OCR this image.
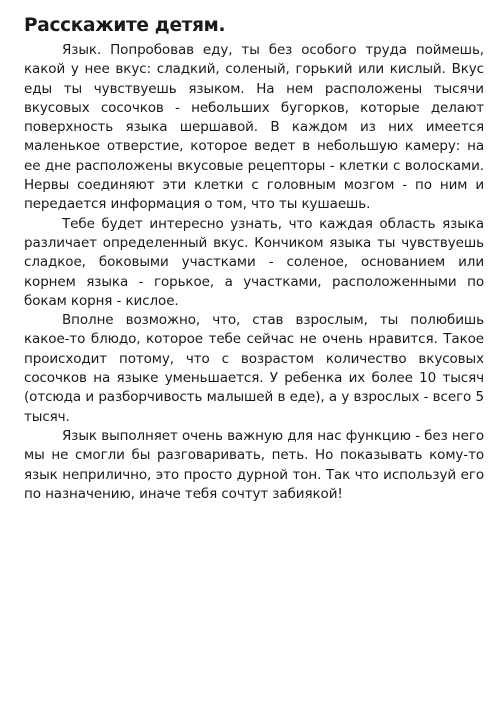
Расскажите детям.

Язык. Попробовав еду, ты без особого труда поймешь, какой у нее вкус: сладкий, соленый, горький или кислый. Вкус еды ты чувствуешь языком. На нем расположены тысячи вкусовых сосочков - небольших бугорков, которые делают поверхность языка шершавой. В каждом из них имеется маленькое отверстие, которое ведет в небольшую камеру: на ее дне расположены вкусовые рецепторы - клетки с волосками. Нервы соединяют эти клетки с головным мозгом - по ним и передается информация о том, что ты кушаешь.

Тебе будет интересно узнать, что каждая область языка различает определенный вкус. Кончиком языка ты чувствуешь сладкое, боковыми участками - соленое, основанием или корнем языка - горькое, а участками, расположенными по бокам корня - кислое.

Вполне возможно, что, став взрослым, ты полюбишь какое-то блюдо, которое тебе сейчас не очень нравится. Такое происходит потому, что с возрастом количество вкусовых сосочков на языке уменьшается. У ребенка их более 10 тысяч (отсюда и разборчивость малышей в еде), а у взрослых - всего 5 тысяч.

Язык выполняет очень важную для нас функцию - без него мы не смогли бы разговаривать, петь. Но показывать кому-то язык неприлично, это просто дурной тон. Так что используй его по назначению, иначе тебя сочтут забиякой!
